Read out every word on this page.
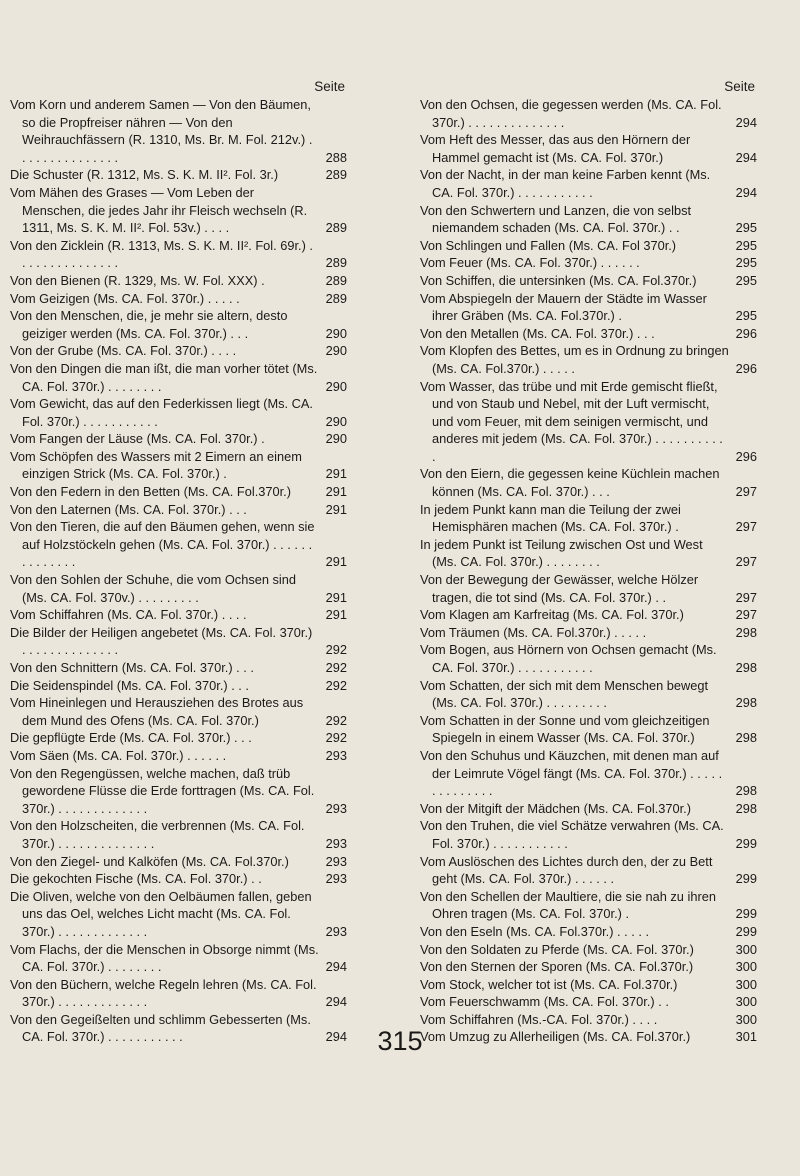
Seite
Vom Korn und anderem Samen — Von den Bäumen, so die Propfreiser nähren — Von den Weihrauchfässern (R. 1310, Ms. Br. M. Fol. 212v.) . . . . . . . . . . . . . . .	288
Die Schuster (R. 1312, Ms. S. K. M. II². Fol. 3r.)	289
Vom Mähen des Grases — Vom Leben der Menschen, die jedes Jahr ihr Fleisch wechseln (R. 1311, Ms. S. K. M. II². Fol. 53v.) . . . .	289
Von den Zicklein (R. 1313, Ms. S. K. M. II². Fol. 69r.) . . . . . . . . . . . . . . .	289
Von den Bienen (R. 1329, Ms. W. Fol. XXX) .	289
Vom Geizigen (Ms. CA. Fol. 370r.) . . . . .	289
Von den Menschen, die, je mehr sie altern, desto geiziger werden (Ms. CA. Fol. 370r.) . . .	290
Von der Grube (Ms. CA. Fol. 370r.) . . . .	290
Von den Dingen die man ißt, die man vorher tötet (Ms. CA. Fol. 370r.) . . . . . . . .	290
Vom Gewicht, das auf den Federkissen liegt (Ms. CA. Fol. 370r.) . . . . . . . . . . .	290
Vom Fangen der Läuse (Ms. CA. Fol. 370r.) .	290
Vom Schöpfen des Wassers mit 2 Eimern an einem einzigen Strick (Ms. CA. Fol. 370r.) .	291
Von den Federn in den Betten (Ms. CA. Fol.370r.)	291
Von den Laternen (Ms. CA. Fol. 370r.) . . .	291
Von den Tieren, die auf den Bäumen gehen, wenn sie auf Holzstöckeln gehen (Ms. CA. Fol. 370r.) . . . . . . . . . . . . . .	291
Von den Sohlen der Schuhe, die vom Ochsen sind (Ms. CA. Fol. 370v.) . . . . . . . . .	291
Vom Schiffahren (Ms. CA. Fol. 370r.) . . . .	291
Die Bilder der Heiligen angebetet (Ms. CA. Fol. 370r.) . . . . . . . . . . . . . .	292
Von den Schnittern (Ms. CA. Fol. 370r.) . . .	292
Die Seidenspindel (Ms. CA. Fol. 370r.) . . .	292
Vom Hineinlegen und Herausziehen des Brotes aus dem Mund des Ofens (Ms. CA. Fol. 370r.)	292
Die gepflügte Erde (Ms. CA. Fol. 370r.) . . .	292
Vom Säen (Ms. CA. Fol. 370r.) . . . . . .	293
Von den Regengüssen, welche machen, daß trüb gewordene Flüsse die Erde forttragen (Ms. CA. Fol. 370r.) . . . . . . . . . . . . .	293
Von den Holzscheiten, die verbrennen (Ms. CA. Fol. 370r.) . . . . . . . . . . . . . .	293
Von den Ziegel- und Kalköfen (Ms. CA. Fol.370r.)	293
Die gekochten Fische (Ms. CA. Fol. 370r.) . .	293
Die Oliven, welche von den Oelbäumen fallen, geben uns das Oel, welches Licht macht (Ms. CA. Fol. 370r.) . . . . . . . . . . . . .	293
Vom Flachs, der die Menschen in Obsorge nimmt (Ms. CA. Fol. 370r.) . . . . . . . .	294
Von den Büchern, welche Regeln lehren (Ms. CA. Fol. 370r.) . . . . . . . . . . . . .	294
Von den Gegeißelten und schlimm Gebesserten (Ms. CA. Fol. 370r.) . . . . . . . . . . .	294
Seite
Von den Ochsen, die gegessen werden (Ms. CA. Fol. 370r.) . . . . . . . . . . . . . .	294
Vom Heft des Messer, das aus den Hörnern der Hammel gemacht ist (Ms. CA. Fol. 370r.)	294
Von der Nacht, in der man keine Farben kennt (Ms. CA. Fol. 370r.) . . . . . . . . . . .	294
Von den Schwertern und Lanzen, die von selbst niemandem schaden (Ms. CA. Fol. 370r.) . .	295
Von Schlingen und Fallen (Ms. CA. Fol 370r.)	295
Vom Feuer (Ms. CA. Fol. 370r.) . . . . . .	295
Von Schiffen, die untersinken (Ms. CA. Fol.370r.)	295
Vom Abspiegeln der Mauern der Städte im Wasser ihrer Gräben (Ms. CA. Fol.370r.) .	295
Von den Metallen (Ms. CA. Fol. 370r.) . . .	296
Vom Klopfen des Bettes, um es in Ordnung zu bringen (Ms. CA. Fol.370r.) . . . . .	296
Vom Wasser, das trübe und mit Erde gemischt fließt, und von Staub und Nebel, mit der Luft vermischt, und vom Feuer, mit dem seinigen vermischt, und anderes mit jedem (Ms. CA. Fol. 370r.) . . . . . . . . . . .	296
Von den Eiern, die gegessen keine Küchlein machen können (Ms. CA. Fol. 370r.) . . .	297
In jedem Punkt kann man die Teilung der zwei Hemisphären machen (Ms. CA. Fol. 370r.) .	297
In jedem Punkt ist Teilung zwischen Ost und West (Ms. CA. Fol. 370r.) . . . . . . . .	297
Von der Bewegung der Gewässer, welche Hölzer tragen, die tot sind (Ms. CA. Fol. 370r.) . .	297
Vom Klagen am Karfreitag (Ms. CA. Fol. 370r.)	297
Vom Träumen (Ms. CA. Fol.370r.) . . . . .	298
Vom Bogen, aus Hörnern von Ochsen gemacht (Ms. CA. Fol. 370r.) . . . . . . . . . . .	298
Vom Schatten, der sich mit dem Menschen bewegt (Ms. CA. Fol. 370r.) . . . . . . . . .	298
Vom Schatten in der Sonne und vom gleichzeitigen Spiegeln in einem Wasser (Ms. CA. Fol. 370r.)	298
Von den Schuhus und Käuzchen, mit denen man auf der Leimrute Vögel fängt (Ms. CA. Fol. 370r.) . . . . . . . . . . . . . .	298
Von der Mitgift der Mädchen (Ms. CA. Fol.370r.)	298
Von den Truhen, die viel Schätze verwahren (Ms. CA. Fol. 370r.) . . . . . . . . . . .	299
Vom Auslöschen des Lichtes durch den, der zu Bett geht (Ms. CA. Fol. 370r.) . . . . . .	299
Von den Schellen der Maultiere, die sie nah zu ihren Ohren tragen (Ms. CA. Fol. 370r.) .	299
Von den Eseln (Ms. CA. Fol.370r.) . . . . .	299
Von den Soldaten zu Pferde (Ms. CA. Fol. 370r.)	300
Von den Sternen der Sporen (Ms. CA. Fol.370r.)	300
Vom Stock, welcher tot ist (Ms. CA. Fol.370r.)	300
Vom Feuerschwamm (Ms. CA. Fol. 370r.) . .	300
Vom Schiffahren (Ms.-CA. Fol. 370r.) . . . .	300
Vom Umzug zu Allerheiligen (Ms. CA. Fol.370r.)	301
315
